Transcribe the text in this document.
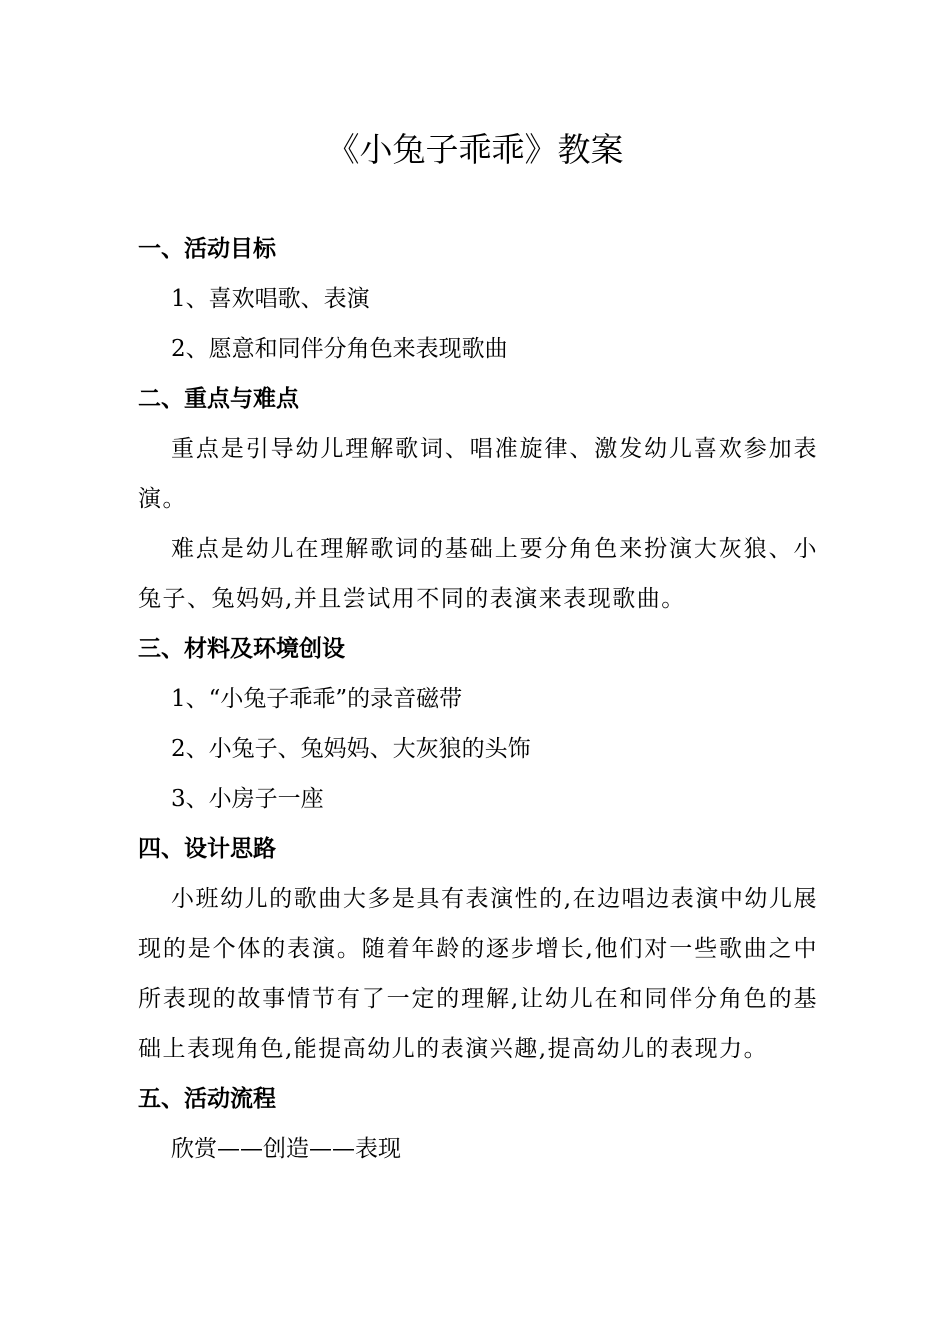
《小兔子乖乖》教案
一、活动目标
1、喜欢唱歌、表演
2、愿意和同伴分角色来表现歌曲
二、重点与难点

重点是引导幼儿理解歌词、唱准旋律、激发幼儿喜欢参加表演。

难点是幼儿在理解歌词的基础上要分角色来扮演大灰狼、小兔子、兔妈妈,并且尝试用不同的表演来表现歌曲。

三、材料及环境创设
1、“小兔子乖乖”的录音磁带
2、小兔子、兔妈妈、大灰狼的头饰
3、小房子一座
四、设计思路

小班幼儿的歌曲大多是具有表演性的,在边唱边表演中幼儿展现的是个体的表演。随着年龄的逐步增长,他们对一些歌曲之中所表现的故事情节有了一定的理解,让幼儿在和同伴分角色的基础上表现角色,能提高幼儿的表演兴趣,提高幼儿的表现力。

五、活动流程
欣赏——创造——表现
